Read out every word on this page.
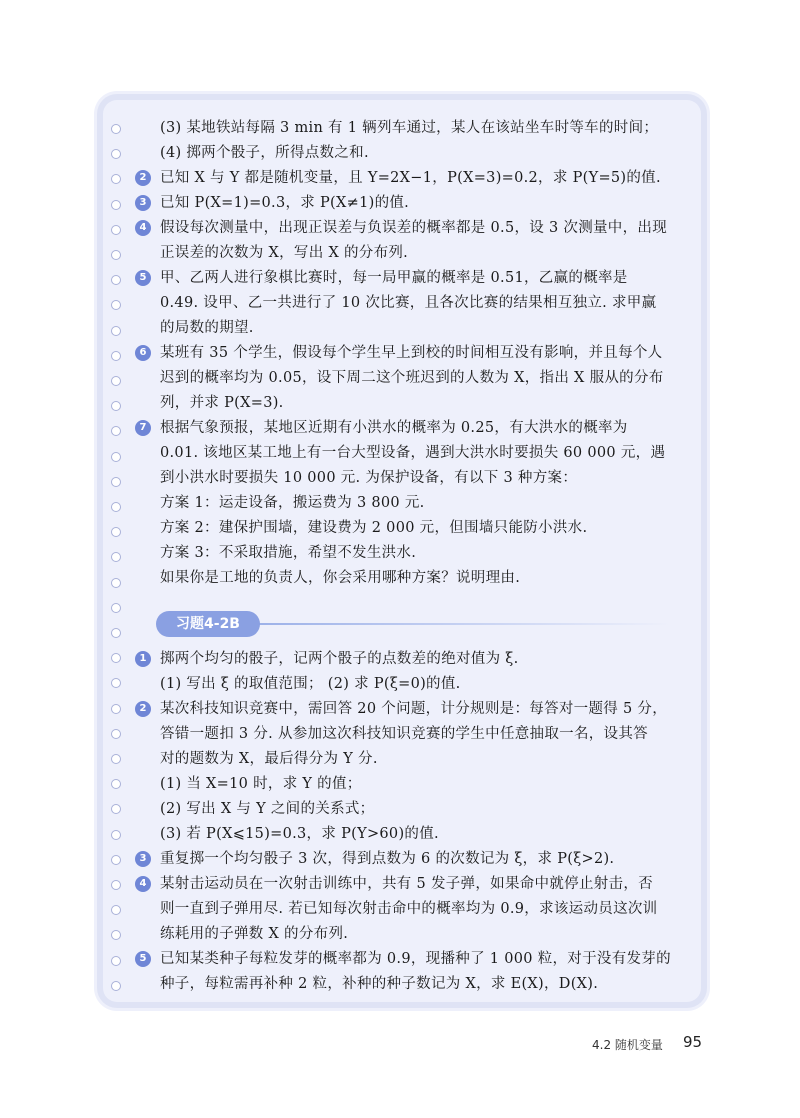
习题4-2B
(3) 某地铁站每隔 3 min 有 1 辆列车通过，某人在该站坐车时等车的时间；
(4) 掷两个骰子，所得点数之和.
2 已知 X 与 Y 都是随机变量，且 Y=2X−1，P(X=3)=0.2，求 P(Y=5)的值.
3 已知 P(X=1)=0.3，求 P(X≠1)的值.
4 假设每次测量中，出现正误差与负误差的概率都是 0.5，设 3 次测量中，出现
正误差的次数为 X，写出 X 的分布列.
5 甲、乙两人进行象棋比赛时，每一局甲赢的概率是 0.51，乙赢的概率是
0.49. 设甲、乙一共进行了 10 次比赛，且各次比赛的结果相互独立. 求甲赢
的局数的期望.
6 某班有 35 个学生，假设每个学生早上到校的时间相互没有影响，并且每个人
迟到的概率均为 0.05，设下周二这个班迟到的人数为 X，指出 X 服从的分布
列，并求 P(X=3).
7 根据气象预报，某地区近期有小洪水的概率为 0.25，有大洪水的概率为
0.01. 该地区某工地上有一台大型设备，遇到大洪水时要损失 60 000 元，遇
到小洪水时要损失 10 000 元. 为保护设备，有以下 3 种方案：
方案 1：运走设备，搬运费为 3 800 元.
方案 2：建保护围墙，建设费为 2 000 元，但围墙只能防小洪水.
方案 3：不采取措施，希望不发生洪水.
如果你是工地的负责人，你会采用哪种方案？说明理由.
1 掷两个均匀的骰子，记两个骰子的点数差的绝对值为 ξ.
(1) 写出 ξ 的取值范围； (2) 求 P(ξ=0)的值.
2 某次科技知识竞赛中，需回答 20 个问题，计分规则是：每答对一题得 5 分，
答错一题扣 3 分. 从参加这次科技知识竞赛的学生中任意抽取一名，设其答
对的题数为 X，最后得分为 Y 分.
(1) 当 X=10 时，求 Y 的值；
(2) 写出 X 与 Y 之间的关系式；
(3) 若 P(X⩽15)=0.3，求 P(Y>60)的值.
3 重复掷一个均匀骰子 3 次，得到点数为 6 的次数记为 ξ，求 P(ξ>2).
4 某射击运动员在一次射击训练中，共有 5 发子弹，如果命中就停止射击，否
则一直到子弹用尽. 若已知每次射击命中的概率均为 0.9，求该运动员这次训
练耗用的子弹数 X 的分布列.
5 已知某类种子每粒发芽的概率都为 0.9，现播种了 1 000 粒，对于没有发芽的
种子，每粒需再补种 2 粒，补种的种子数记为 X，求 E(X)，D(X).
4.2 随机变量 95
